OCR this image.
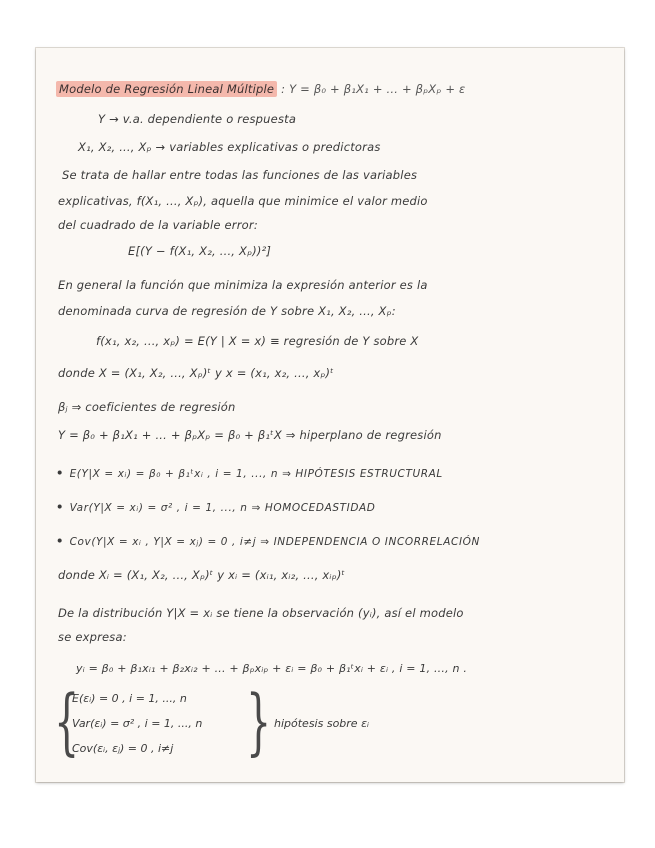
Modelo de Regresión Lineal Múltiple : Y = β₀ + β₁X₁ + ... + βₚXₚ + ε
Y → v.a. dependiente o respuesta
X₁, X₂, ..., Xₚ → variables explicativas o predictoras
Se trata de hallar entre todas las funciones de las variables
explicativas, f(X₁, ..., Xₚ), aquella que minimice el valor medio
del cuadrado de la variable error:
E[(Y − f(X₁, X₂, ..., Xₚ))²]
En general la función que minimiza la expresión anterior es la
denominada curva de regresión de Y sobre X₁, X₂, ..., Xₚ:
f(x₁, x₂, ..., xₚ) = E(Y | X = x) ≡ regresión de Y sobre X
donde X = (X₁, X₂, ..., Xₚ)ᵗ y x = (x₁, x₂, ..., xₚ)ᵗ
βⱼ ⇒ coeficientes de regresión
Y = β₀ + β₁X₁ + ... + βₚXₚ = β₀ + β₁ᵗX ⇒ hiperplano de regresión
• E(Y|X = xᵢ) = β₀ + β₁ᵗxᵢ , i = 1, ..., n ⇒ HIPÓTESIS ESTRUCTURAL
• Var(Y|X = xᵢ) = σ² , i = 1, ..., n ⇒ HOMOCEDASTIDAD
• Cov(Y|X = xᵢ , Y|X = xⱼ) = 0 , i≠j ⇒ INDEPENDENCIA O INCORRELACIÓN
donde Xᵢ = (X₁, X₂, ..., Xₚ)ᵗ y xᵢ = (xᵢ₁, xᵢ₂, ..., xᵢₚ)ᵗ
De la distribución Y|X = xᵢ se tiene la observación (yᵢ), así el modelo
se expresa:
yᵢ = β₀ + β₁xᵢ₁ + β₂xᵢ₂ + ... + βₚxᵢₚ + εᵢ = β₀ + β₁ᵗxᵢ + εᵢ , i = 1, ..., n .
{
E(εᵢ) = 0 , i = 1, ..., n
Var(εᵢ) = σ² , i = 1, ..., n
Cov(εᵢ, εⱼ) = 0 , i≠j } hipótesis sobre εᵢ
